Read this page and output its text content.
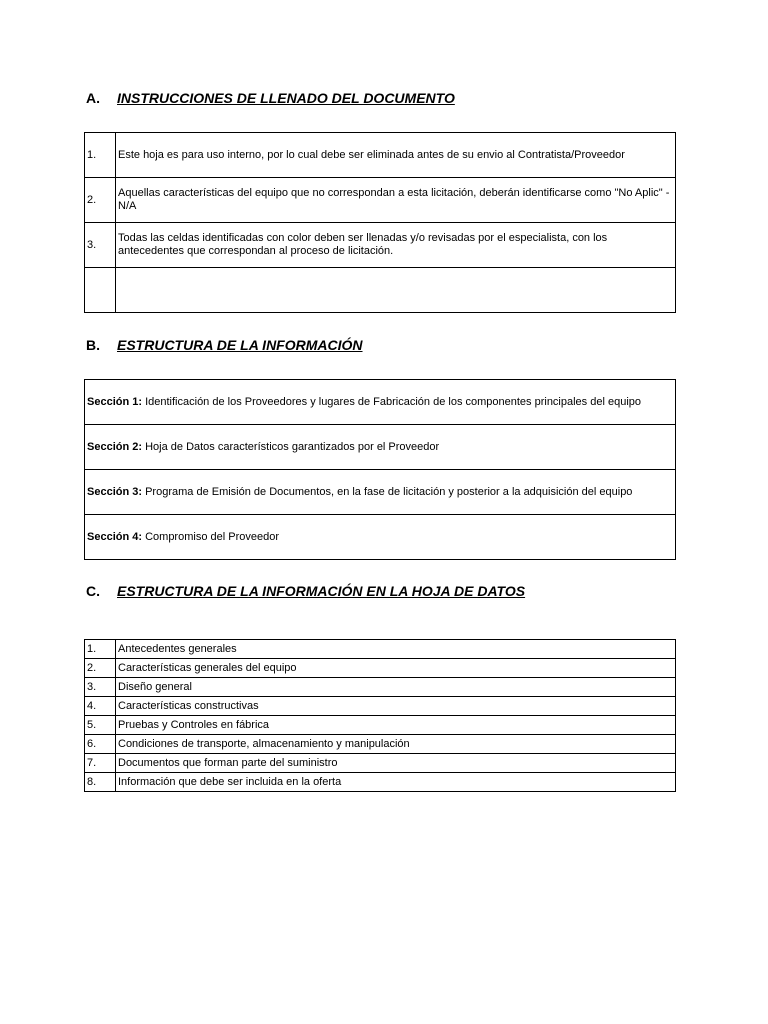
A.	INSTRUCCIONES DE LLENADO DEL DOCUMENTO
1.	Este hoja es para uso interno, por lo cual debe ser eliminada antes de su envio al Contratista/Proveedor
2.	Aquellas características del equipo que no correspondan a esta licitación, deberán identificarse como "No Aplic" - N/A
3.	Todas las celdas identificadas con color deben ser llenadas y/o revisadas por el especialista, con los antecedentes que correspondan al proceso de licitación.

B.	ESTRUCTURA DE LA INFORMACIÓN
Sección 1: Identificación de los Proveedores y lugares de Fabricación de los componentes principales del equipo
Sección 2: Hoja de Datos característicos garantizados por el Proveedor
Sección 3: Programa de Emisión de Documentos, en la fase de licitación y posterior a la adquisición del equipo
Sección 4: Compromiso del Proveedor
C.	ESTRUCTURA DE LA INFORMACIÓN EN LA HOJA DE DATOS
1.	Antecedentes generales
2.	Características generales del equipo
3.	Diseño general
4.	Características constructivas
5.	Pruebas y Controles en fábrica
6.	Condiciones de transporte, almacenamiento y manipulación
7.	Documentos que forman parte del suministro
8.	Información que debe ser incluida en la oferta
